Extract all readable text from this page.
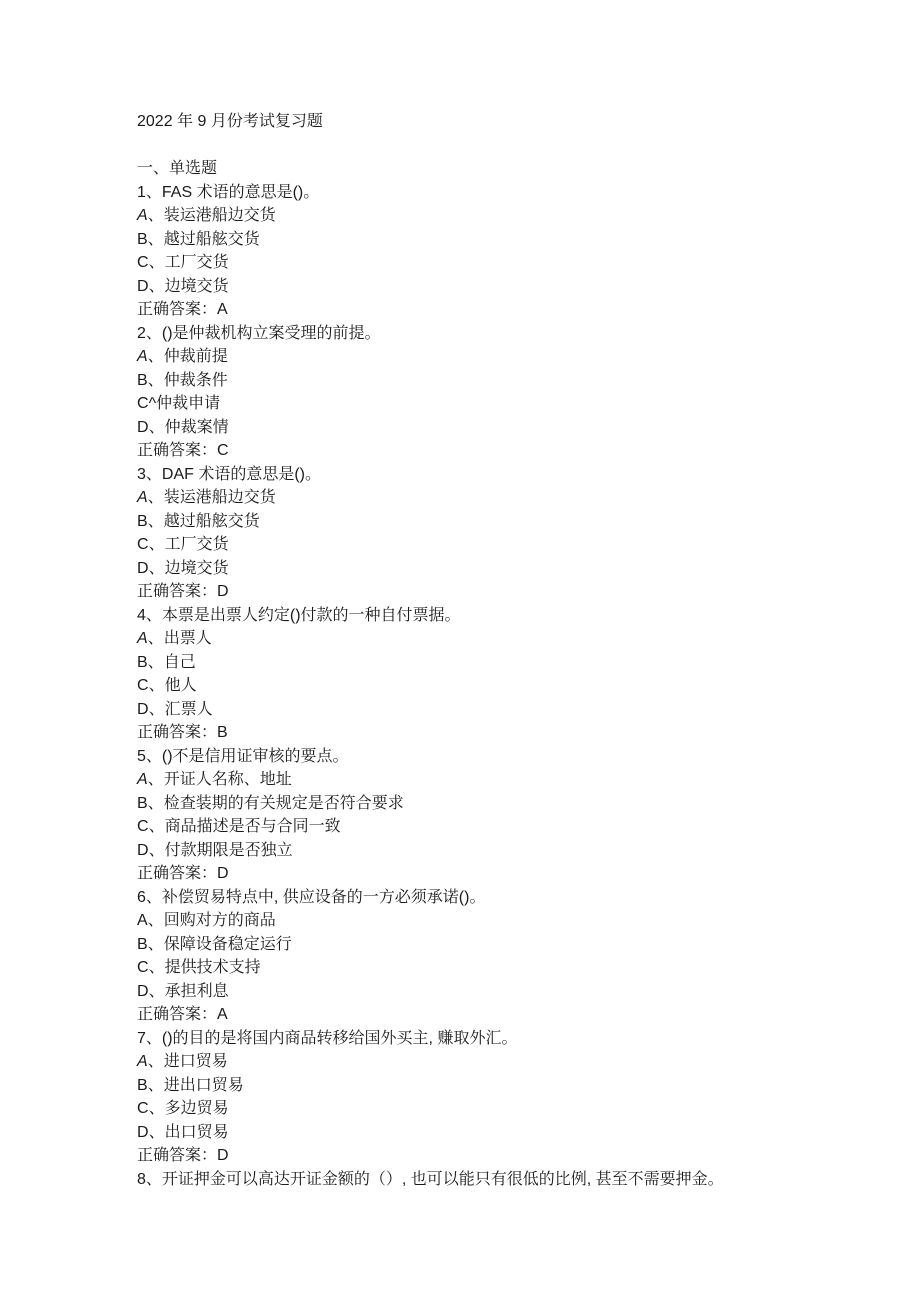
2022 年 9 月份考试复习题

一、单选题

1、FAS 术语的意思是()。

A、装运港船边交货

B、越过船舷交货

C、工厂交货

D、边境交货

正确答案：A

2、()是仲裁机构立案受理的前提。

A、仲裁前提

B、仲裁条件

C^仲裁申请

D、仲裁案情

正确答案：C

3、DAF 术语的意思是()。

A、装运港船边交货

B、越过船舷交货

C、工厂交货

D、边境交货

正确答案：D

4、本票是出票人约定()付款的一种自付票据。

A、出票人

B、自己

C、他人

D、汇票人

正确答案：B

5、()不是信用证审核的要点。

A、开证人名称、地址

B、检查装期的有关规定是否符合要求

C、商品描述是否与合同一致

D、付款期限是否独立

正确答案：D

6、补偿贸易特点中, 供应设备的一方必须承诺()。

A、回购对方的商品

B、保障设备稳定运行

C、提供技术支持

D、承担利息

正确答案：A

7、()的目的是将国内商品转移给国外买主, 赚取外汇。

A、进口贸易

B、进出口贸易

C、多边贸易

D、出口贸易

正确答案：D

8、开证押金可以高达开证金额的（）, 也可以能只有很低的比例, 甚至不需要押金。
